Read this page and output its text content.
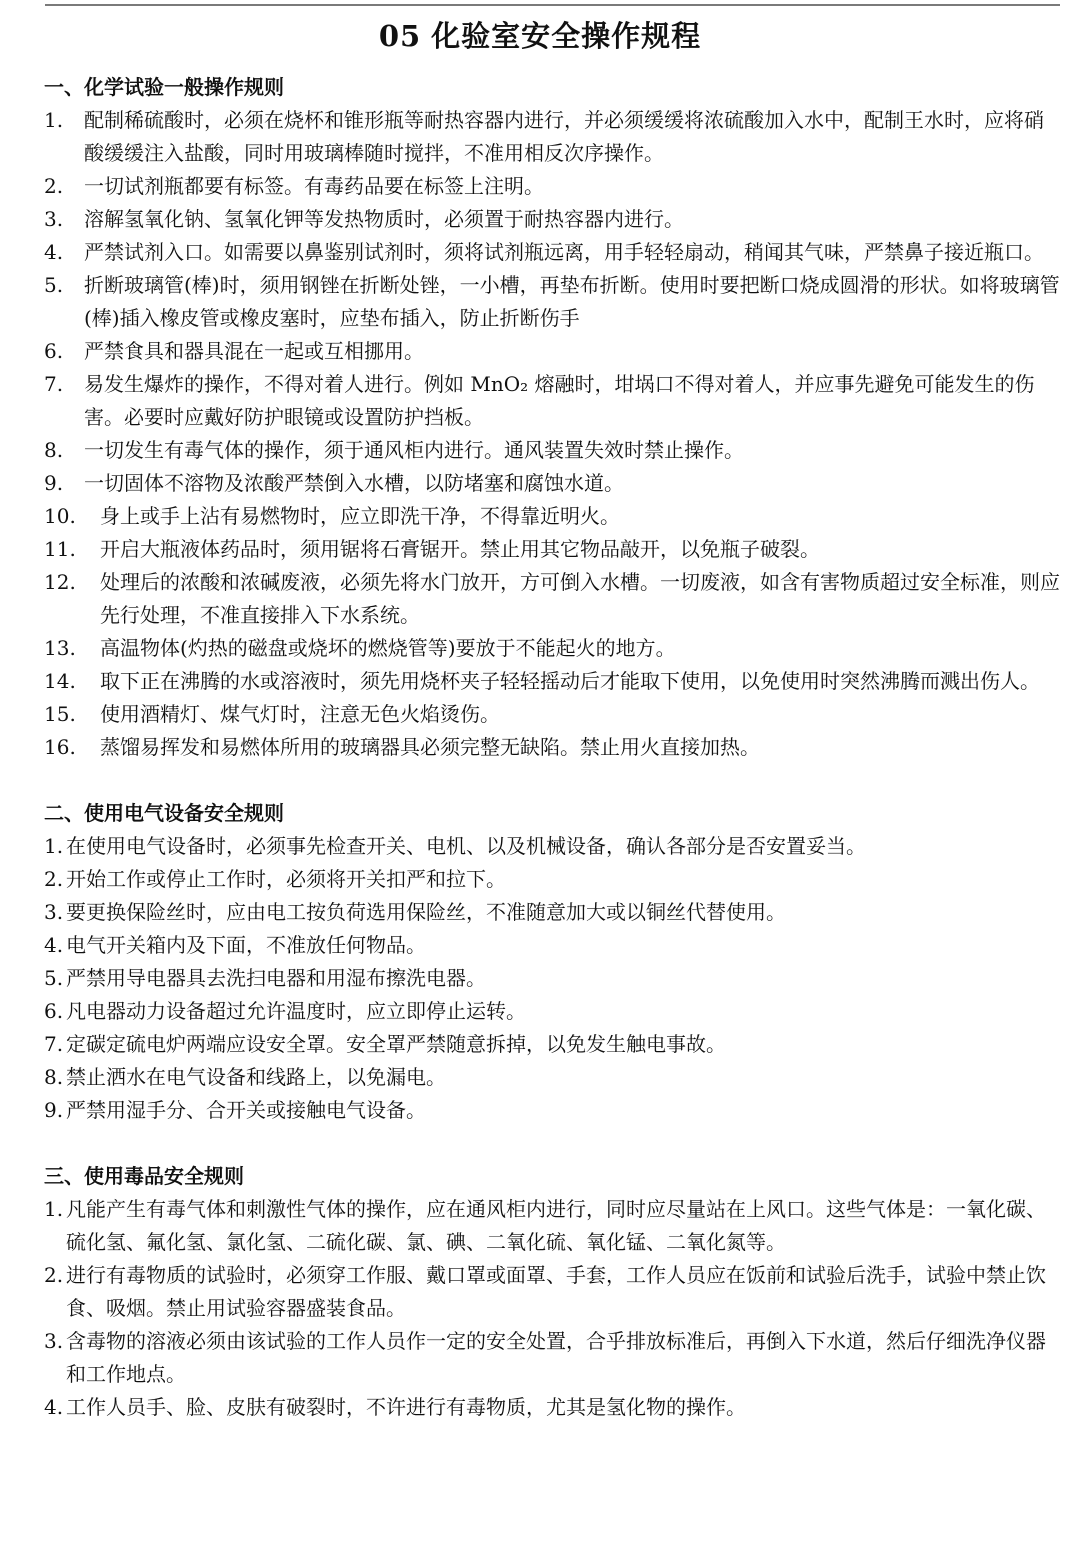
05 化验室安全操作规程
一、化学试验一般操作规则
1.	配制稀硫酸时，必须在烧杯和锥形瓶等耐热容器内进行，并必须缓缓将浓硫酸加入水中，配制王水时，应将硝酸缓缓注入盐酸，同时用玻璃棒随时搅拌，不准用相反次序操作。
2.	一切试剂瓶都要有标签。有毒药品要在标签上注明。
3.	溶解氢氧化钠、氢氧化钾等发热物质时，必须置于耐热容器内进行。
4.	严禁试剂入口。如需要以鼻鉴别试剂时，须将试剂瓶远离，用手轻轻扇动，稍闻其气味，严禁鼻子接近瓶口。
5.	折断玻璃管(棒)时，须用钢锉在折断处锉，一小槽，再垫布折断。使用时要把断口烧成圆滑的形状。如将玻璃管(棒)插入橡皮管或橡皮塞时，应垫布插入，防止折断伤手
6.	严禁食具和器具混在一起或互相挪用。
7.	易发生爆炸的操作，不得对着人进行。例如 MnO₂ 熔融时，坩埚口不得对着人，并应事先避免可能发生的伤害。必要时应戴好防护眼镜或设置防护挡板。
8.	一切发生有毒气体的操作，须于通风柜内进行。通风装置失效时禁止操作。
9.	一切固体不溶物及浓酸严禁倒入水槽，以防堵塞和腐蚀水道。
10.	身上或手上沾有易燃物时，应立即洗干净，不得靠近明火。
11.	开启大瓶液体药品时，须用锯将石膏锯开。禁止用其它物品敲开，以免瓶子破裂。
12.	处理后的浓酸和浓碱废液，必须先将水门放开，方可倒入水槽。一切废液，如含有害物质超过安全标准，则应先行处理，不准直接排入下水系统。
13.	高温物体(灼热的磁盘或烧坏的燃烧管等)要放于不能起火的地方。
14.	取下正在沸腾的水或溶液时，须先用烧杯夹子轻轻摇动后才能取下使用，以免使用时突然沸腾而溅出伤人。
15.	使用酒精灯、煤气灯时，注意无色火焰烫伤。
16.	蒸馏易挥发和易燃体所用的玻璃器具必须完整无缺陷。禁止用火直接加热。
二、使用电气设备安全规则
1. 在使用电气设备时，必须事先检查开关、电机、以及机械设备，确认各部分是否安置妥当。
2. 开始工作或停止工作时，必须将开关扣严和拉下。
3. 要更换保险丝时，应由电工按负荷选用保险丝，不准随意加大或以铜丝代替使用。
4. 电气开关箱内及下面，不准放任何物品。
5. 严禁用导电器具去洗扫电器和用湿布擦洗电器。
6. 凡电器动力设备超过允许温度时，应立即停止运转。
7. 定碳定硫电炉两端应设安全罩。安全罩严禁随意拆掉，以免发生触电事故。
8. 禁止洒水在电气设备和线路上，以免漏电。
9. 严禁用湿手分、合开关或接触电气设备。
三、使用毒品安全规则
1. 凡能产生有毒气体和刺激性气体的操作，应在通风柜内进行，同时应尽量站在上风口。这些气体是：一氧化碳、硫化氢、氟化氢、氯化氢、二硫化碳、氯、碘、二氧化硫、氧化锰、二氧化氮等。
2. 进行有毒物质的试验时，必须穿工作服、戴口罩或面罩、手套，工作人员应在饭前和试验后洗手，试验中禁止饮食、吸烟。禁止用试验容器盛装食品。
3. 含毒物的溶液必须由该试验的工作人员作一定的安全处置，合乎排放标准后，再倒入下水道，然后仔细洗净仪器和工作地点。
4. 工作人员手、脸、皮肤有破裂时，不许进行有毒物质，尤其是氢化物的操作。
